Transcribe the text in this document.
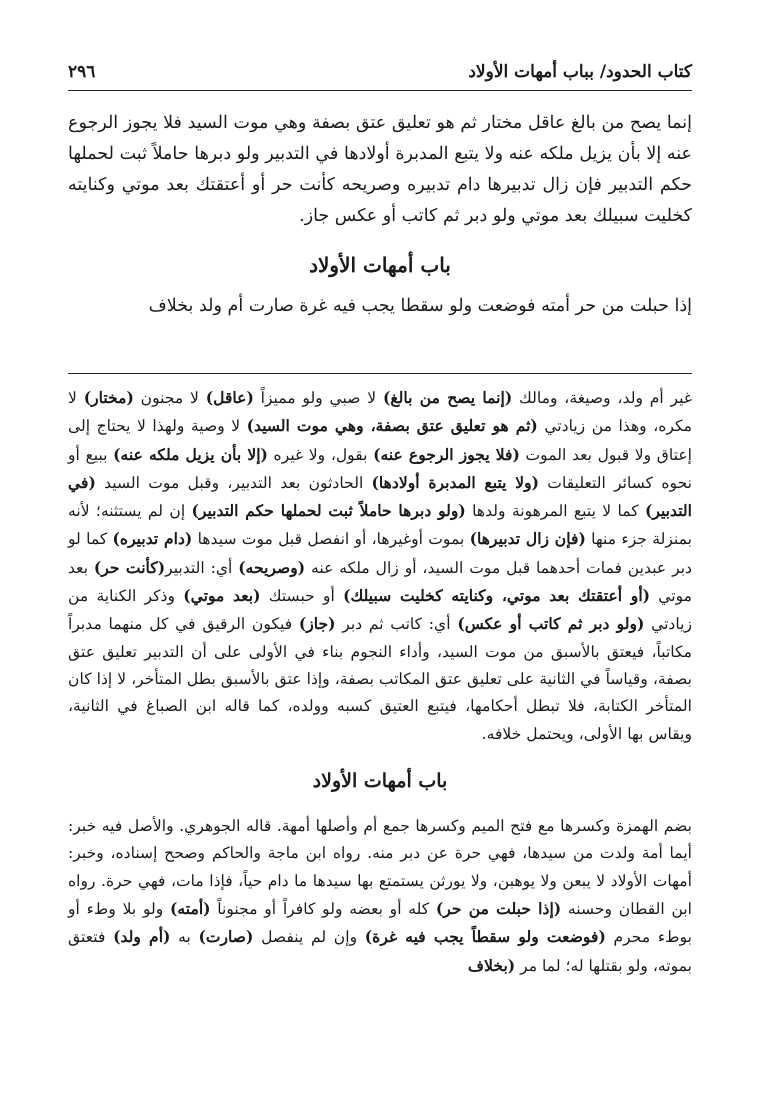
كتاب الحدود/ بباب أمهات الأولاد
٢٩٦

إنما يصح من بالغ عاقل مختار ثم هو تعليق عتق بصفة وهي موت السيد فلا يجوز الرجوع عنه إلا بأن يزيل ملكه عنه ولا يتبع المدبرة أولادها في التدبير ولو دبرها حاملاً ثبت لحملها حكم التدبير فإن زال تدبيرها دام تدبيره وصريحه كأنت حر أو أعتقتك بعد موتي وكنايته كخليت سبيلك بعد موتي ولو دبر ثم كاتب أو عكس جاز.

باب أمهات الأولاد

إذا حبلت من حر أمته فوضعت ولو سقطا يجب فيه غرة صارت أم ولد بخلاف

غير أم ولد، وصيغة، ومالك (إنما يصح من بالغ) لا صبي ولو مميزاً (عاقل) لا مجنون (مختار) لا مكره، وهذا من زيادتي (ثم هو تعليق عتق بصفة، وهي موت السيد) لا وصية ولهذا لا يحتاج إلى إعتاق ولا قبول بعد الموت (فلا يجوز الرجوع عنه) بقول، ولا غيره (إلا بأن يزيل ملكه عنه) ببيع أو نحوه كسائر التعليقات (ولا يتبع المدبرة أولادها) الحادثون بعد التدبير، وقبل موت السيد (في التدبير) كما لا يتبع المرهونة ولدها (ولو دبرها حاملاً ثبت لحملها حكم التدبير) إن لم يستثنه؛ لأنه بمنزلة جزء منها (فإن زال تدبيرها) بموت أوغيرها، أو انفصل قبل موت سيدها (دام تدبيره) كما لو دبر عبدين فمات أحدهما قبل موت السيد، أو زال ملكه عنه (وصريحه) أي: التدبير(كأنت حر) بعد موتي (أو أعتقتك بعد موتي، وكنايته كخليت سبيلك) أو حبستك (بعد موتي) وذكر الكناية من زيادتي (ولو دبر ثم كاتب أو عكس) أي: كاتب ثم دبر (جاز) فيكون الرقيق في كل منهما مدبراً مكاتباً، فيعتق بالأسبق من موت السيد، وأداء النجوم بناء في الأولى على أن التدبير تعليق عتق بصفة، وقياساً في الثانية على تعليق عتق المكاتب بصفة، وإذا عتق بالأسبق بطل المتأخر، لا إذا كان المتأخر الكتابة، فلا تبطل أحكامها، فيتبع العتيق كسبه وولده، كما قاله ابن الصباغ في الثانية، ويقاس بها الأولى، ويحتمل خلافه.

باب أمهات الأولاد

بضم الهمزة وكسرها مع فتح الميم وكسرها جمع أم وأصلها أمهة. قاله الجوهري. والأصل فيه خبر: أيما أمة ولدت من سيدها، فهي حرة عن دبر منه. رواه ابن ماجة والحاكم وصحح إسناده، وخبر: أمهات الأولاد لا يبعن ولا يوهبن، ولا يورثن يستمتع بها سيدها ما دام حياً، فإذا مات، فهي حرة. رواه ابن القطان وحسنه (إذا حبلت من حر) كله أو بعضه ولو كافراً أو مجنوناً (أمته) ولو بلا وطء أو بوطء محرم (فوضعت ولو سقطاً يجب فيه غرة) وإن لم ينفصل (صارت) به (أم ولد) فتعتق بموته، ولو بقتلها له؛ لما مر (بخلاف
